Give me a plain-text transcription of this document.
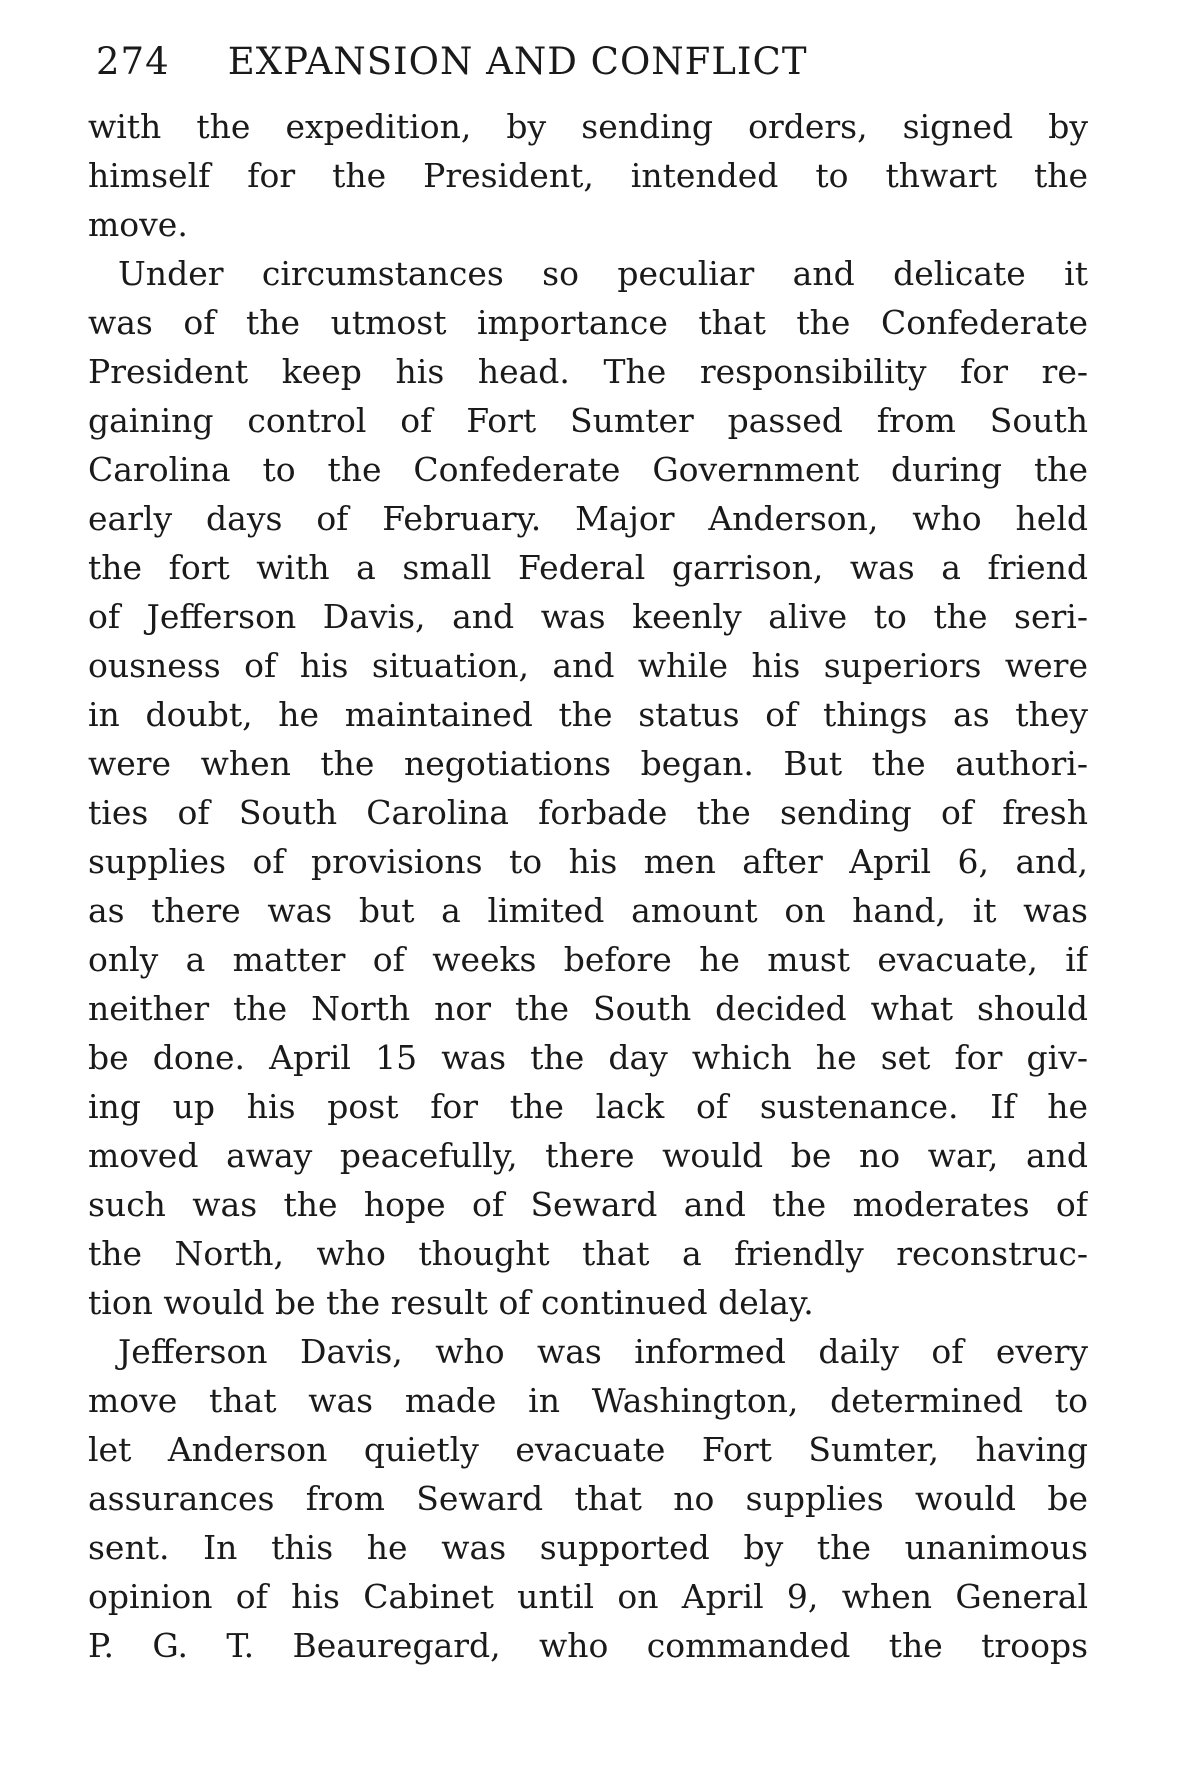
274 EXPANSION AND CONFLICT
with the expedition, by sending orders, signed by
himself for the President, intended to thwart the
move.
Under circumstances so peculiar and delicate it
was of the utmost importance that the Confederate
President keep his head. The responsibility for re-
gaining control of Fort Sumter passed from South
Carolina to the Confederate Government during the
early days of February. Major Anderson, who held
the fort with a small Federal garrison, was a friend
of Jefferson Davis, and was keenly alive to the seri-
ousness of his situation, and while his superiors were
in doubt, he maintained the status of things as they
were when the negotiations began. But the authori-
ties of South Carolina forbade the sending of fresh
supplies of provisions to his men after April 6, and,
as there was but a limited amount on hand, it was
only a matter of weeks before he must evacuate, if
neither the North nor the South decided what should
be done. April 15 was the day which he set for giv-
ing up his post for the lack of sustenance. If he
moved away peacefully, there would be no war, and
such was the hope of Seward and the moderates of
the North, who thought that a friendly reconstruc-
tion would be the result of continued delay.
Jefferson Davis, who was informed daily of every
move that was made in Washington, determined to
let Anderson quietly evacuate Fort Sumter, having
assurances from Seward that no supplies would be
sent. In this he was supported by the unanimous
opinion of his Cabinet until on April 9, when General
P. G. T. Beauregard, who commanded the troops
